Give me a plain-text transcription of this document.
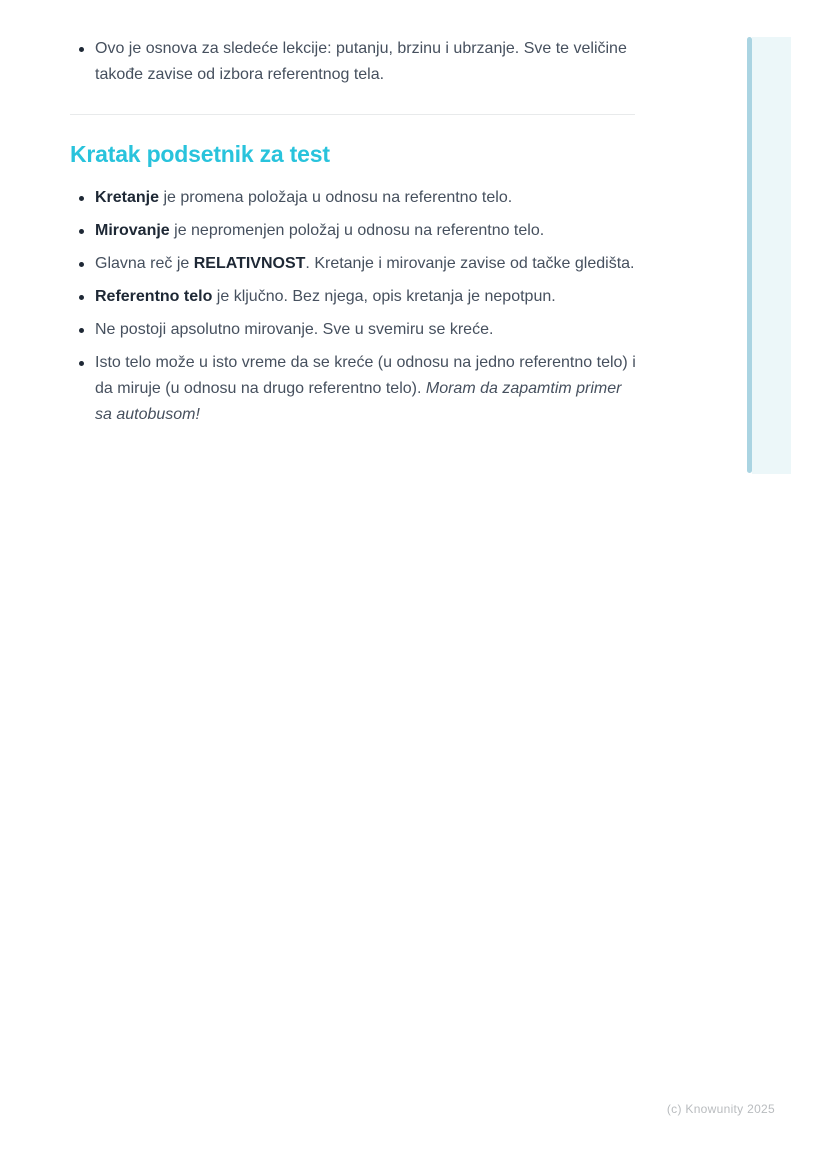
Ovo je osnova za sledeće lekcije: putanju, brzinu i ubrzanje. Sve te veličine takođe zavise od izbora referentnog tela.
Kratak podsetnik za test
Kretanje je promena položaja u odnosu na referentno telo.
Mirovanje je nepromenjen položaj u odnosu na referentno telo.
Glavna reč je RELATIVNOST. Kretanje i mirovanje zavise od tačke gledišta.
Referentno telo je ključno. Bez njega, opis kretanja je nepotpun.
Ne postoji apsolutno mirovanje. Sve u svemiru se kreće.
Isto telo može u isto vreme da se kreće (u odnosu na jedno referentno telo) i da miruje (u odnosu na drugo referentno telo). Moram da zapamtim primer sa autobusom!
(c) Knowunity 2025
